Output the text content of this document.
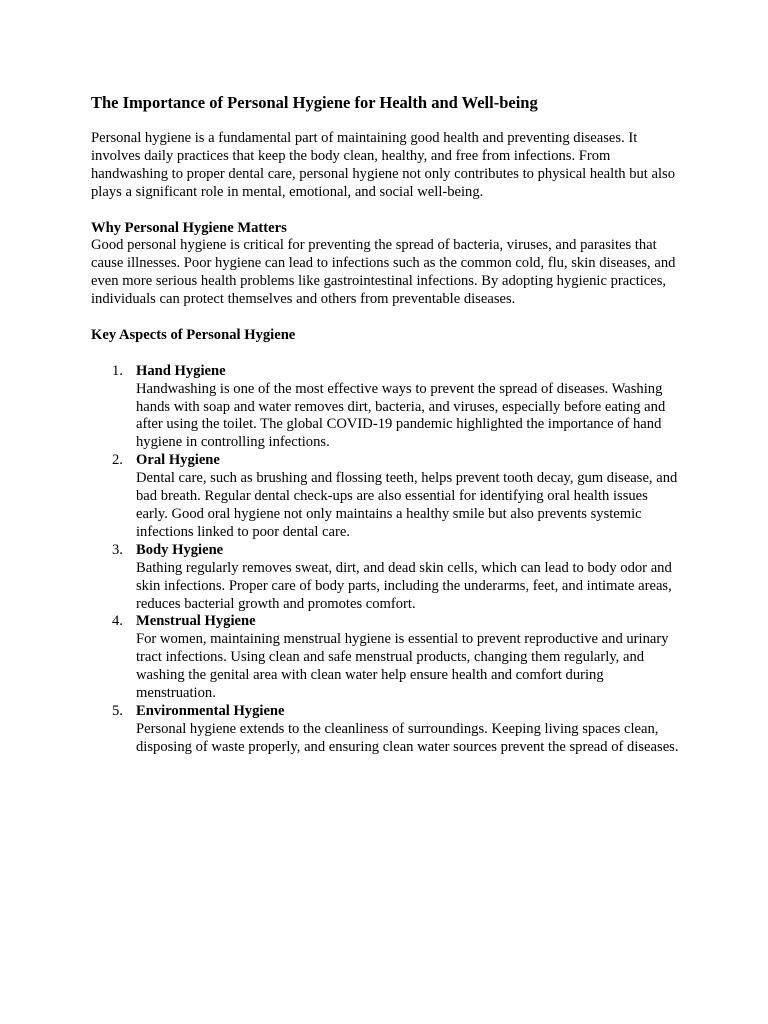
The Importance of Personal Hygiene for Health and Well-being

Personal hygiene is a fundamental part of maintaining good health and preventing diseases. It involves daily practices that keep the body clean, healthy, and free from infections. From handwashing to proper dental care, personal hygiene not only contributes to physical health but also plays a significant role in mental, emotional, and social well-being.

Why Personal Hygiene Matters

Good personal hygiene is critical for preventing the spread of bacteria, viruses, and parasites that cause illnesses. Poor hygiene can lead to infections such as the common cold, flu, skin diseases, and even more serious health problems like gastrointestinal infections. By adopting hygienic practices, individuals can protect themselves and others from preventable diseases.

Key Aspects of Personal Hygiene
1. Hand Hygiene
Handwashing is one of the most effective ways to prevent the spread of diseases. Washing hands with soap and water removes dirt, bacteria, and viruses, especially before eating and after using the toilet. The global COVID-19 pandemic highlighted the importance of hand hygiene in controlling infections.
2. Oral Hygiene
Dental care, such as brushing and flossing teeth, helps prevent tooth decay, gum disease, and bad breath. Regular dental check-ups are also essential for identifying oral health issues early. Good oral hygiene not only maintains a healthy smile but also prevents systemic infections linked to poor dental care.
3. Body Hygiene
Bathing regularly removes sweat, dirt, and dead skin cells, which can lead to body odor and skin infections. Proper care of body parts, including the underarms, feet, and intimate areas, reduces bacterial growth and promotes comfort.
4. Menstrual Hygiene
For women, maintaining menstrual hygiene is essential to prevent reproductive and urinary tract infections. Using clean and safe menstrual products, changing them regularly, and washing the genital area with clean water help ensure health and comfort during menstruation.
5. Environmental Hygiene
Personal hygiene extends to the cleanliness of surroundings. Keeping living spaces clean, disposing of waste properly, and ensuring clean water sources prevent the spread of diseases.
